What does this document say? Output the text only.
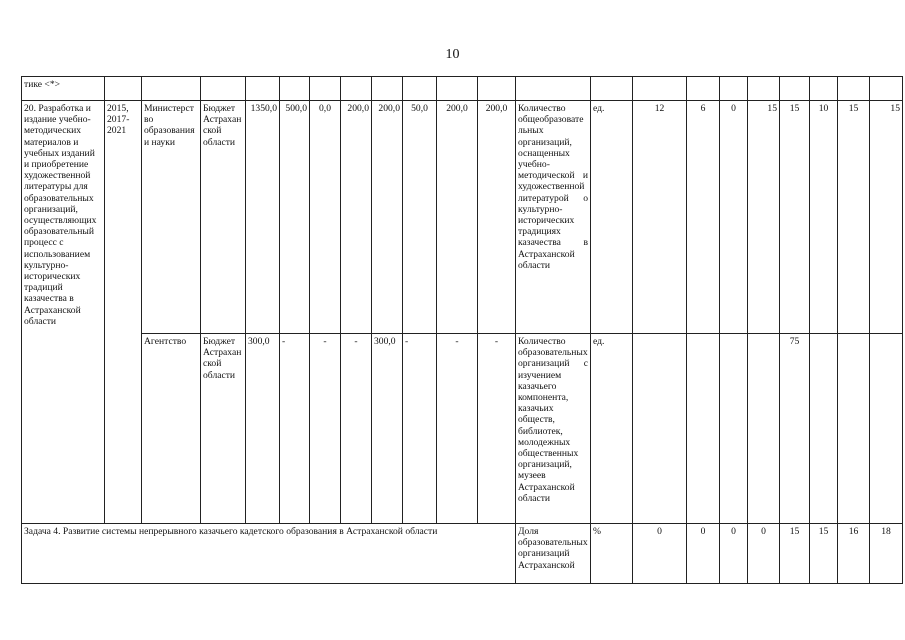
10
тике <*>																					
20. Разработка и издание учебно-методических материалов и учебных изданий и приобретение художественной литературы для образовательных организаций, осуществляющих образовательный процесс с использованием культурно-исторических традиций казачества в Астраханской области	2015, 2017-2021	Министерство образования и науки	Бюджет Астраханской области	1350,0	500,0	0,0	200,0	200,0	50,0	200,0	200,0	Количество общеобразовательных организаций, оснащенных учебно-методической и художественной литературой о культурно-исторических традициях казачества в Астраханской области	ед.	12	6	0	15	15	10	15	15
		Агентство	Бюджет Астраханской области	300,0	-	-	-	300,0	-	-	-	Количество образовательных организаций с изучением казачьего компонента, казачьих обществ, библиотек, молодежных общественных организаций, музеев Астраханской области	ед.					75			
Задача 4. Развитие системы непрерывного казачьего кадетского образования в Астраханской области												Доля образовательных организаций Астраханской	%	0	0	0	0	15	15	16	18
